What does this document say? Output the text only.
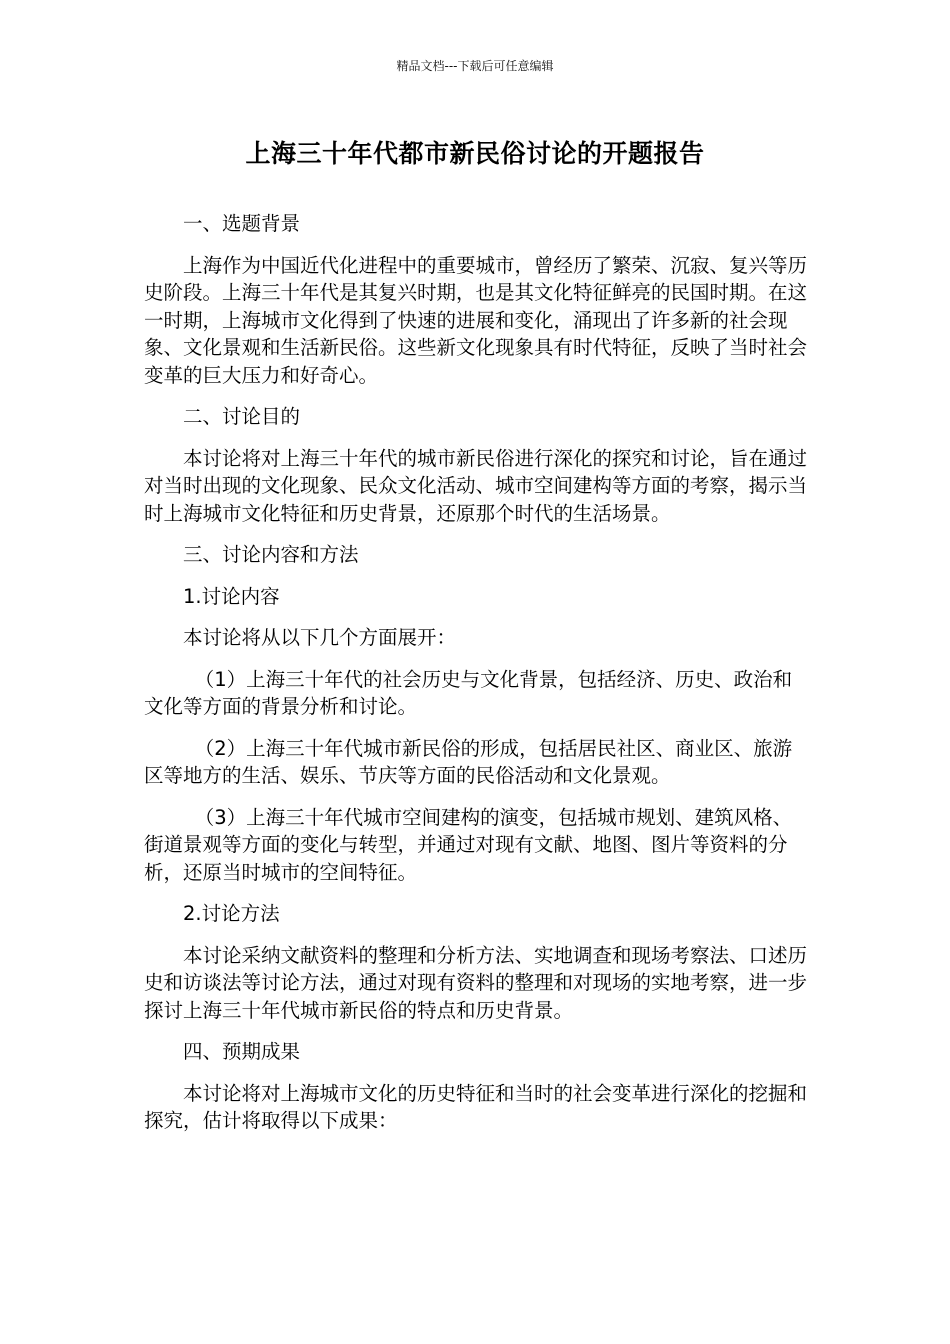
精品文档---下载后可任意编辑
上海三十年代都市新民俗讨论的开题报告

一、选题背景

上海作为中国近代化进程中的重要城市，曾经历了繁荣、沉寂、复兴等历史阶段。上海三十年代是其复兴时期，也是其文化特征鲜亮的民国时期。在这一时期，上海城市文化得到了快速的进展和变化，涌现出了许多新的社会现象、文化景观和生活新民俗。这些新文化现象具有时代特征，反映了当时社会变革的巨大压力和好奇心。

二、讨论目的

本讨论将对上海三十年代的城市新民俗进行深化的探究和讨论，旨在通过对当时出现的文化现象、民众文化活动、城市空间建构等方面的考察，揭示当时上海城市文化特征和历史背景，还原那个时代的生活场景。

三、讨论内容和方法

1.讨论内容

本讨论将从以下几个方面展开：

（1）上海三十年代的社会历史与文化背景，包括经济、历史、政治和文化等方面的背景分析和讨论。

（2）上海三十年代城市新民俗的形成，包括居民社区、商业区、旅游区等地方的生活、娱乐、节庆等方面的民俗活动和文化景观。

（3）上海三十年代城市空间建构的演变，包括城市规划、建筑风格、街道景观等方面的变化与转型，并通过对现有文献、地图、图片等资料的分析，还原当时城市的空间特征。

2.讨论方法

本讨论采纳文献资料的整理和分析方法、实地调查和现场考察法、口述历史和访谈法等讨论方法，通过对现有资料的整理和对现场的实地考察，进一步探讨上海三十年代城市新民俗的特点和历史背景。

四、预期成果

本讨论将对上海城市文化的历史特征和当时的社会变革进行深化的挖掘和探究，估计将取得以下成果：
